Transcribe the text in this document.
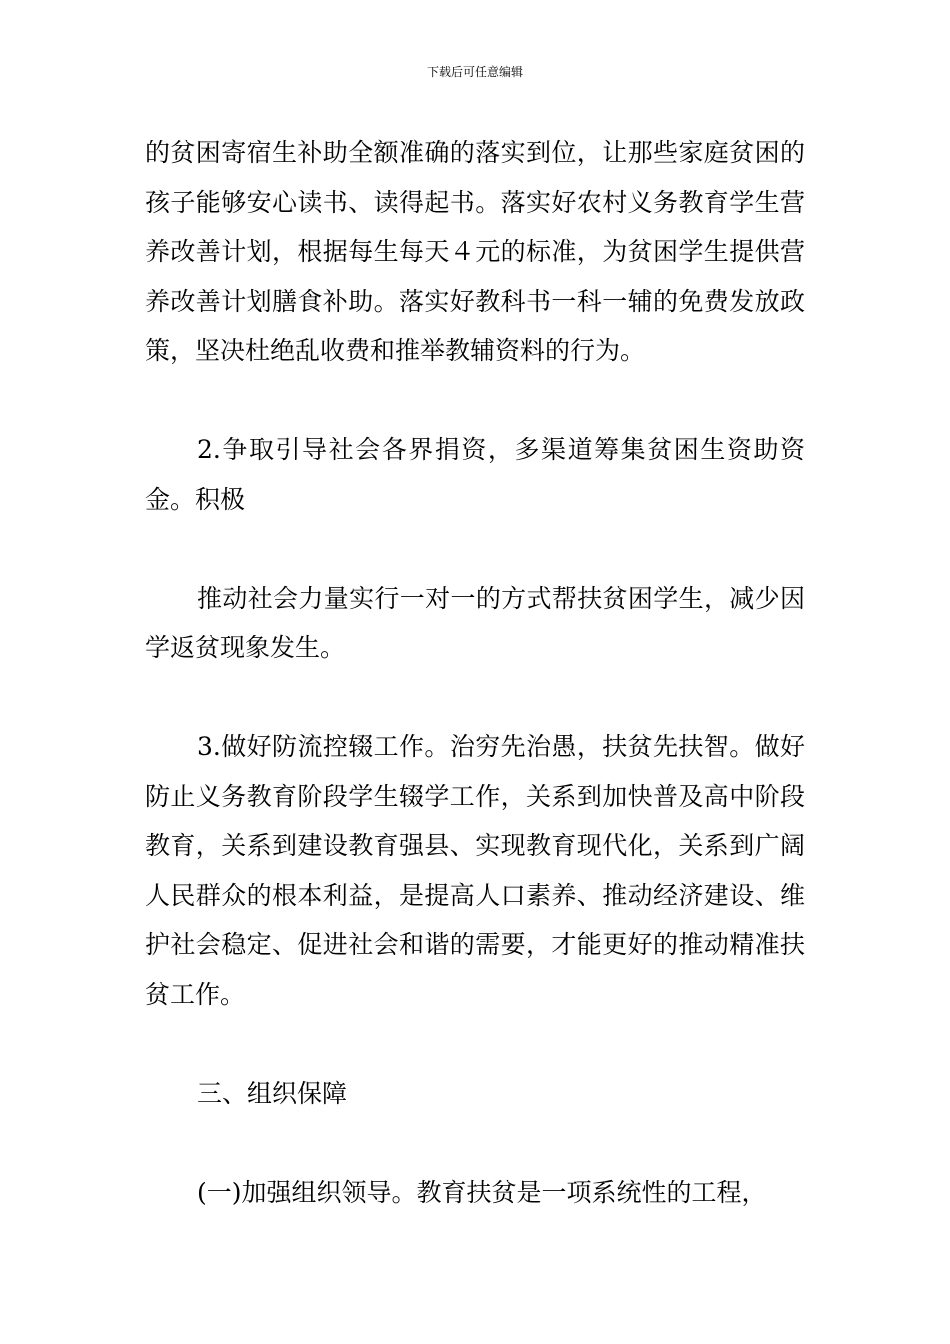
下载后可任意编辑

的贫困寄宿生补助全额准确的落实到位，让那些家庭贫困的孩子能够安心读书、读得起书。落实好农村义务教育学生营养改善计划，根据每生每天４元的标准，为贫困学生提供营养改善计划膳食补助。落实好教科书一科一辅的免费发放政策，坚决杜绝乱收费和推举教辅资料的行为。

2.争取引导社会各界捐资，多渠道筹集贫困生资助资金。积极

推动社会力量实行一对一的方式帮扶贫困学生，减少因学返贫现象发生。

3.做好防流控辍工作。治穷先治愚，扶贫先扶智。做好防止义务教育阶段学生辍学工作，关系到加快普及高中阶段教育，关系到建设教育强县、实现教育现代化，关系到广阔人民群众的根本利益，是提高人口素养、推动经济建设、维护社会稳定、促进社会和谐的需要，才能更好的推动精准扶贫工作。

三、组织保障

(一)加强组织领导。教育扶贫是一项系统性的工程，
